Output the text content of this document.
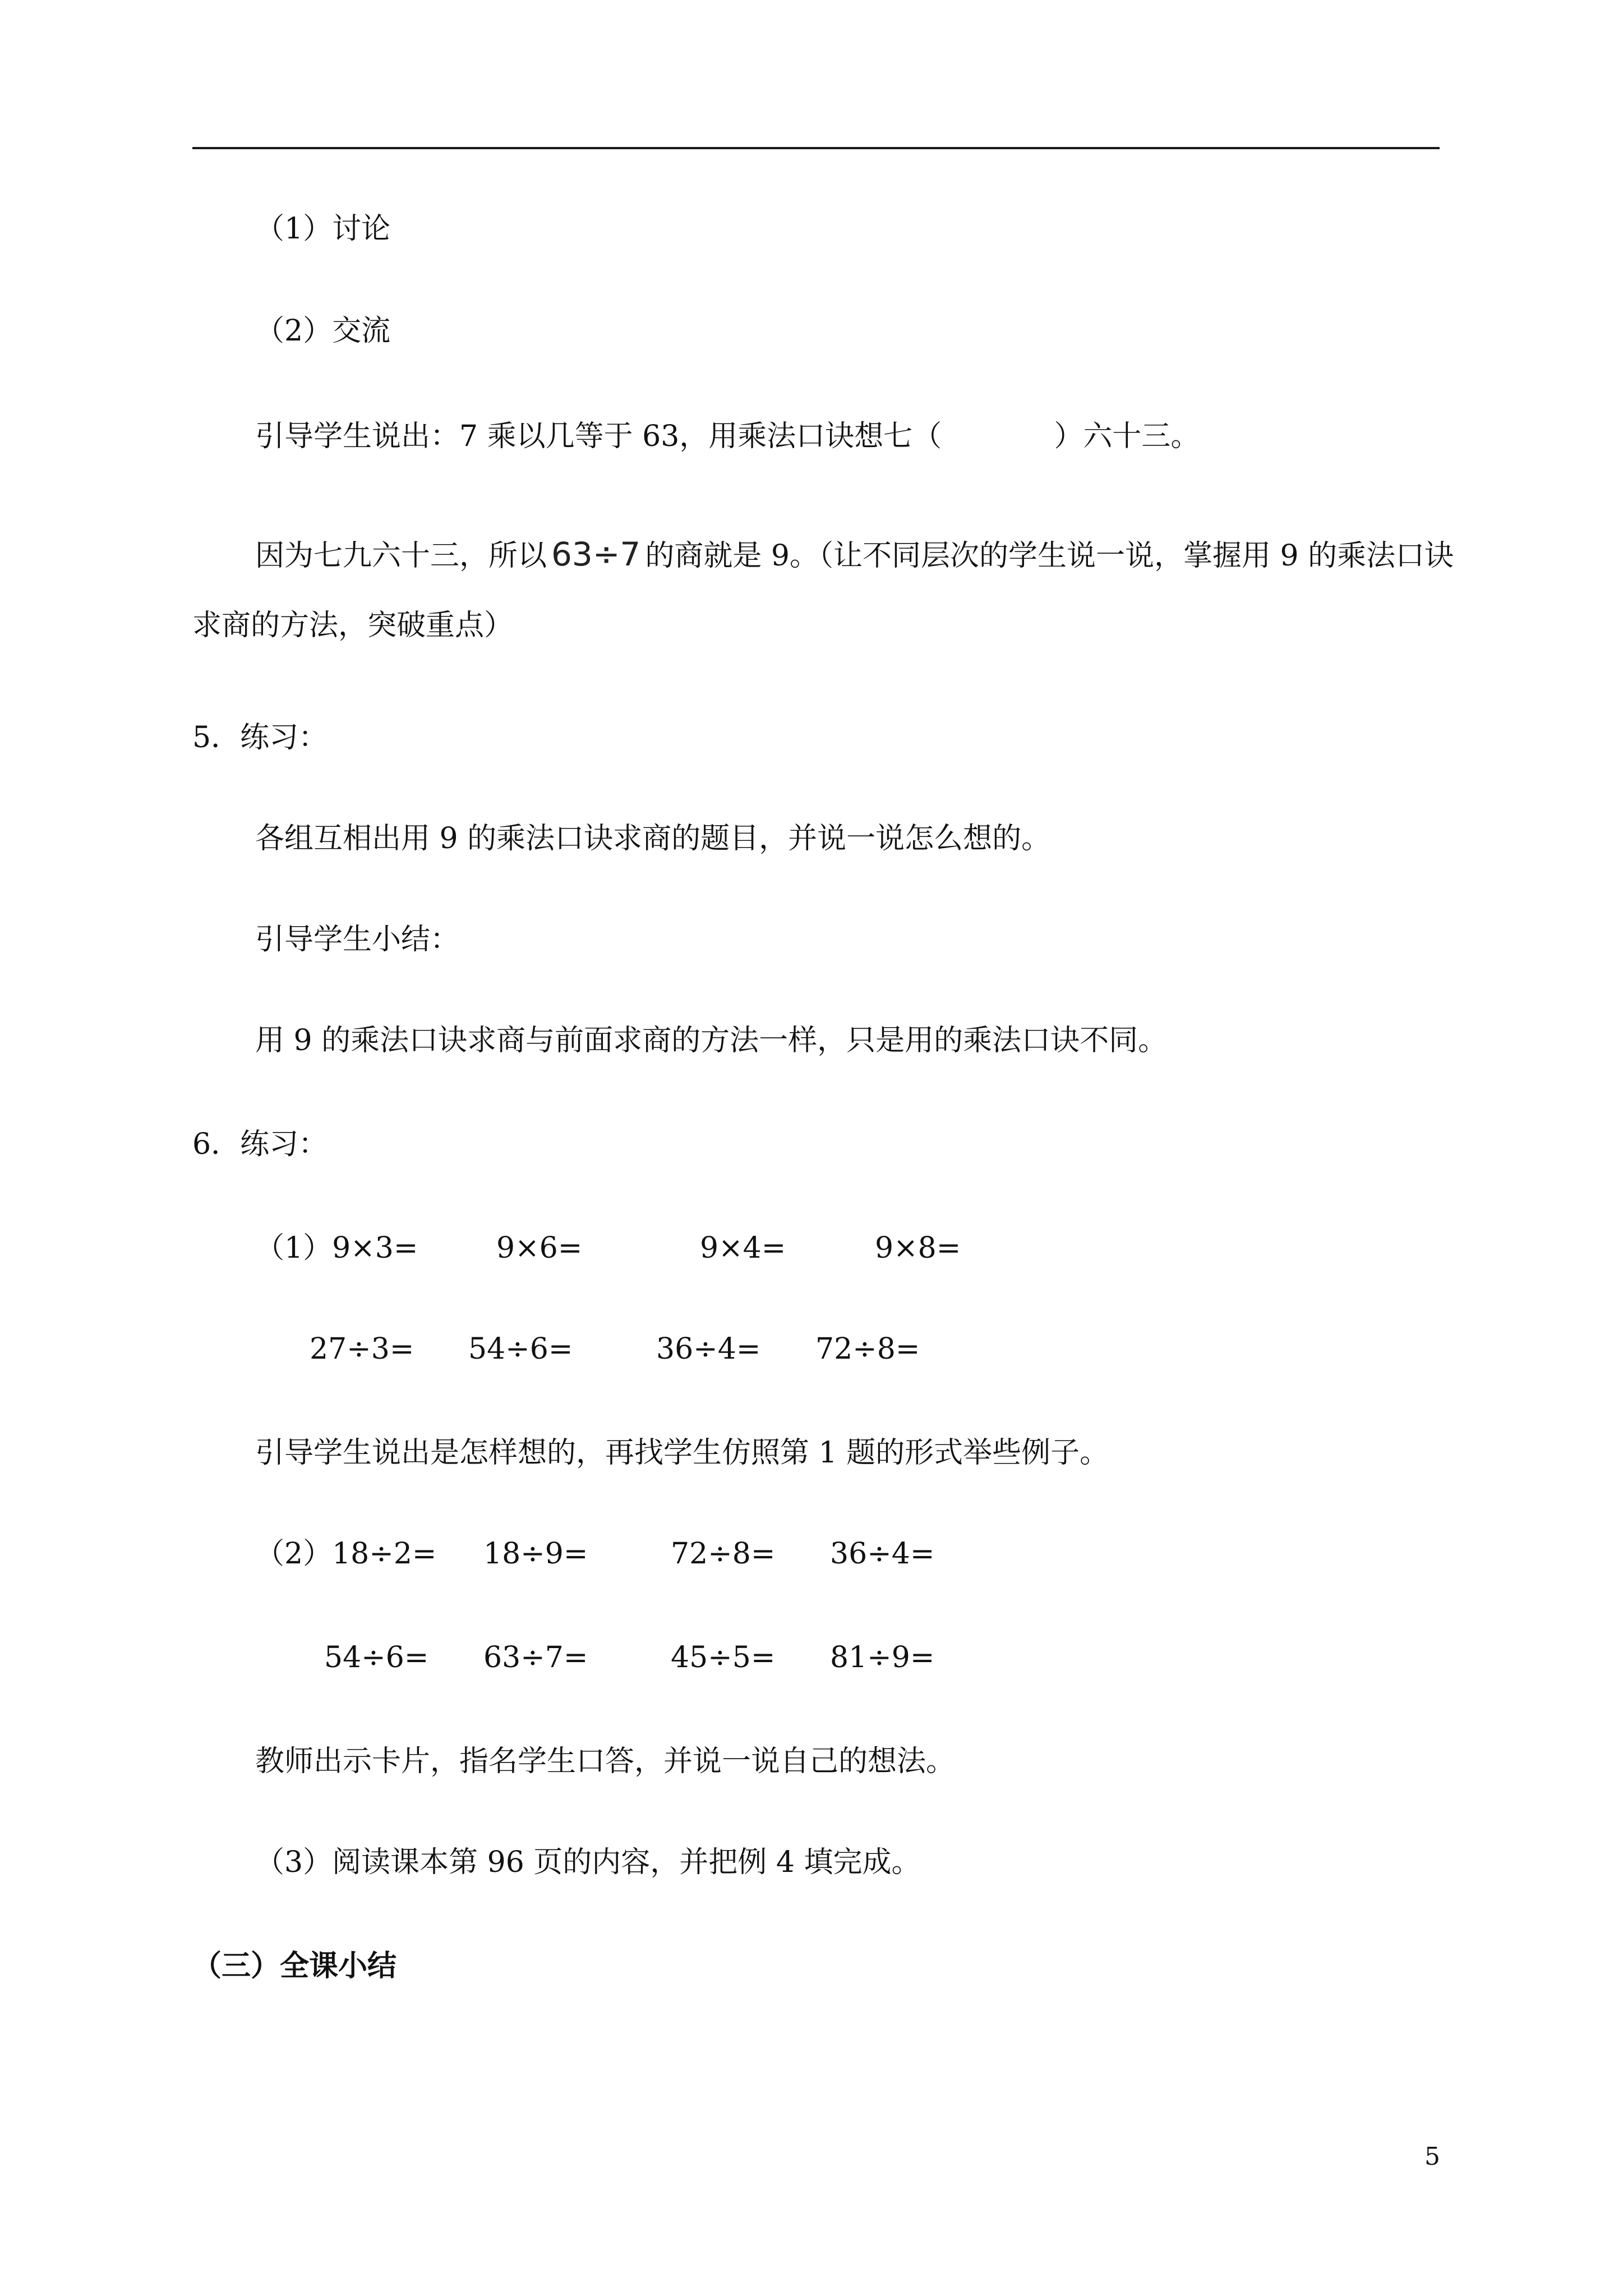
（1）讨论
（2）交流
引导学生说出：7 乘以几等于 63，用乘法口诀想七（	）六十三。
因为七九六十三，所以 63÷7 的商就是 9。（让不同层次的学生说一说，掌握用 9 的乘法口诀
求商的方法，突破重点）
5．练习：
各组互相出用 9 的乘法口诀求商的题目，并说一说怎么想的。
引导学生小结：
用 9 的乘法口诀求商与前面求商的方法一样，只是用的乘法口诀不同。
6．练习：
（1）9×3=	9×6=	9×4=	9×8=
27÷3= 54÷6=	36÷4= 72÷8=
引导学生说出是怎样想的，再找学生仿照第 1 题的形式举些例子。
（2）18÷2= 18÷9=	72÷8= 36÷4=
54÷6= 63÷7=	45÷5= 81÷9=
教师出示卡片，指名学生口答，并说一说自己的想法。
（3）阅读课本第 96 页的内容，并把例 4 填完成。
（三）全课小结
5
